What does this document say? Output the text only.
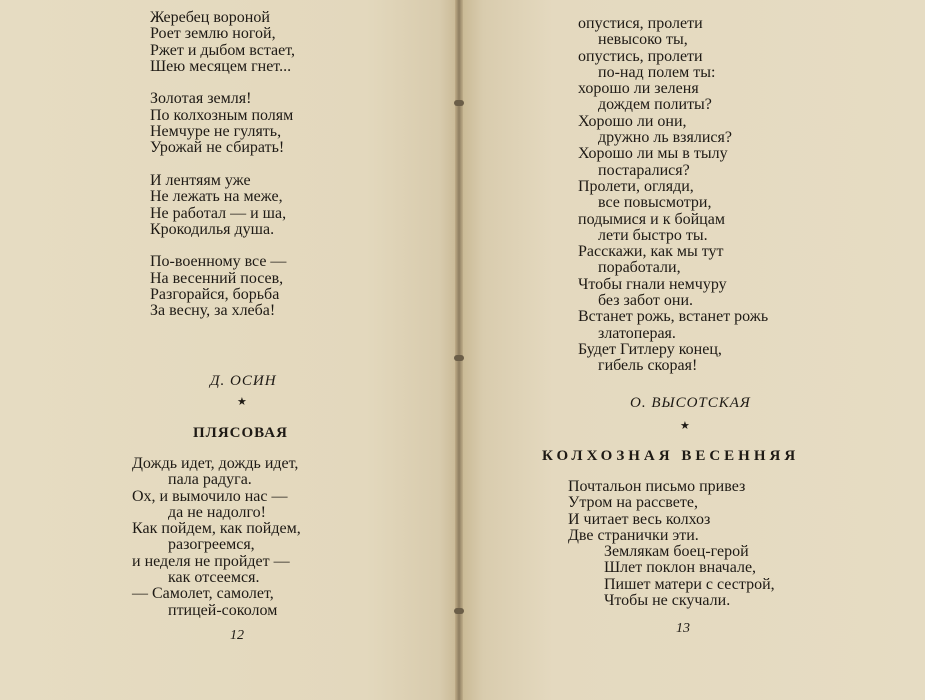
Жеребец вороной
Роет землю ногой,
Ржет и дыбом встает,
Шею месяцем гнет...
Золотая земля!
По колхозным полям
Немчуре не гулять,
Урожай не сбирать!
И лентяям уже
Не лежать на меже,
Не работал — и ша,
Крокодилья душа.
По-военному все —
На весенний посев,
Разгорайся, борьба
За весну, за хлеба!
Д. ОСИН
★
ПЛЯСОВАЯ
Дождь идет, дождь идет,
пала радуга.
Ох, и вымочило нас —
да не надолго!
Как пойдем, как пойдем,
разогреемся,
и неделя не пройдет —
как отсеемся.
— Самолет, самолет,
птицей-соколом
12
опустися, пролети
невысоко ты,
опустись, пролети
по-над полем ты:
хорошо ли зеленя
дождем политы?
Хорошо ли они,
дружно ль взялися?
Хорошо ли мы в тылу
постаралися?
Пролети, огляди,
все повысмотри,
подымися и к бойцам
лети быстро ты.
Расскажи, как мы тут
поработали,
Чтобы гнали немчуру
без забот они.
Встанет рожь, встанет рожь
златоперая.
Будет Гитлеру конец,
гибель скорая!
О. ВЫСОТСКАЯ
★
КОЛХОЗНАЯ ВЕСЕННЯЯ
Почтальон письмо привез
Утром на рассвете,
И читает весь колхоз
Две странички эти.
Землякам боец-герой
Шлет поклон вначале,
Пишет матери с сестрой,
Чтобы не скучали.
13
